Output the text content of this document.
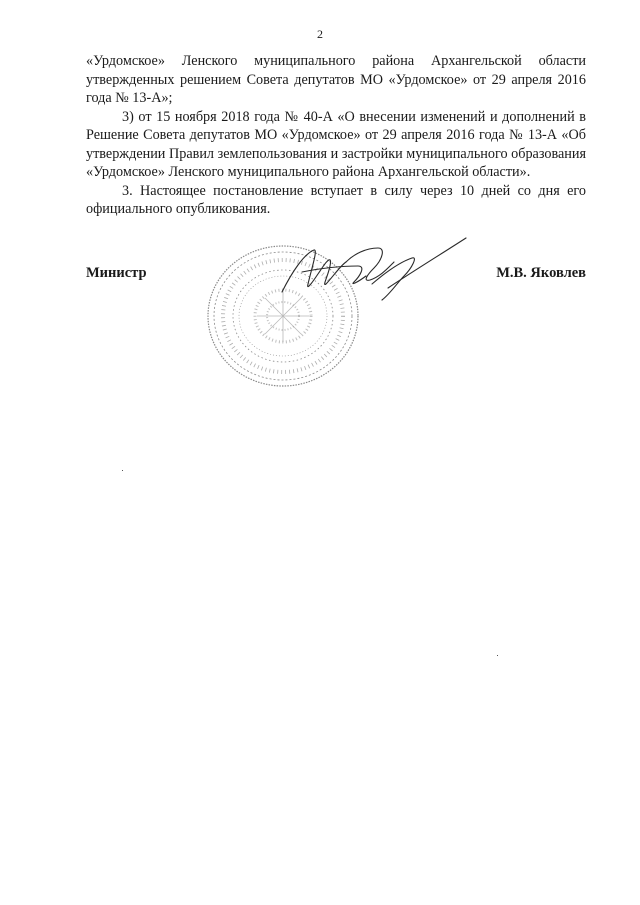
2

«Урдомское» Ленского муниципального района Архангельской области утвержденных решением Совета депутатов МО «Урдомское» от 29 апреля 2016 года № 13-А»;

3) от 15 ноября 2018 года № 40-А «О внесении изменений и дополнений в Решение Совета депутатов МО «Урдомское» от 29 апреля 2016 года № 13-А «Об утверждении Правил землепользования и застройки муниципального образования «Урдомское» Ленского муниципального района Архангельской области».

3. Настоящее постановление вступает в силу через 10 дней со дня его официального опубликования.

Министр	М.В. Яковлев
